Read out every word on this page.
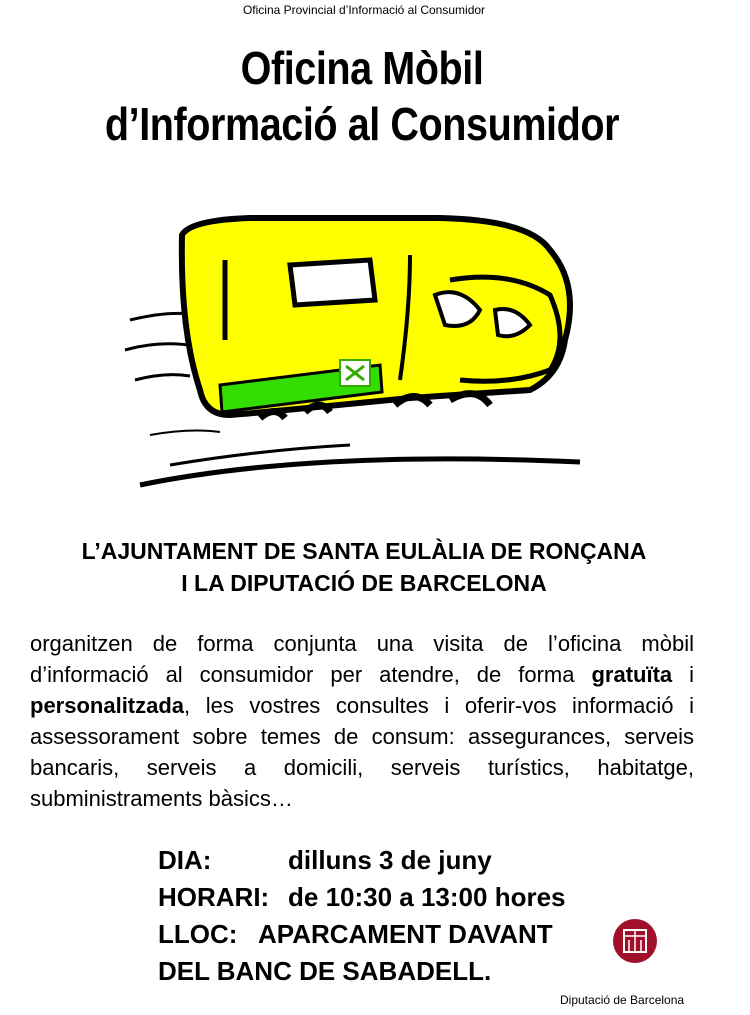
Oficina Provincial d’Informació al Consumidor
Oficina Mòbil
d’Informació al Consumidor
L’AJUNTAMENT DE SANTA EULÀLIA DE RONÇANA
I LA DIPUTACIÓ DE BARCELONA
organitzen de forma conjunta una visita de l’oficina mòbil d’informació al consumidor per atendre, de forma gratuïta i personalitzada, les vostres consultes i oferir-vos informació i assessorament sobre temes de consum: assegurances, serveis bancaris, serveis a domicili, serveis turístics, habitatge, subministraments bàsics…
DIA:	dilluns 3 de juny
HORARI: de 10:30 a 13:00 hores
LLOC: APARCAMENT DAVANT
DEL BANC DE SABADELL.
Diputació de Barcelona
